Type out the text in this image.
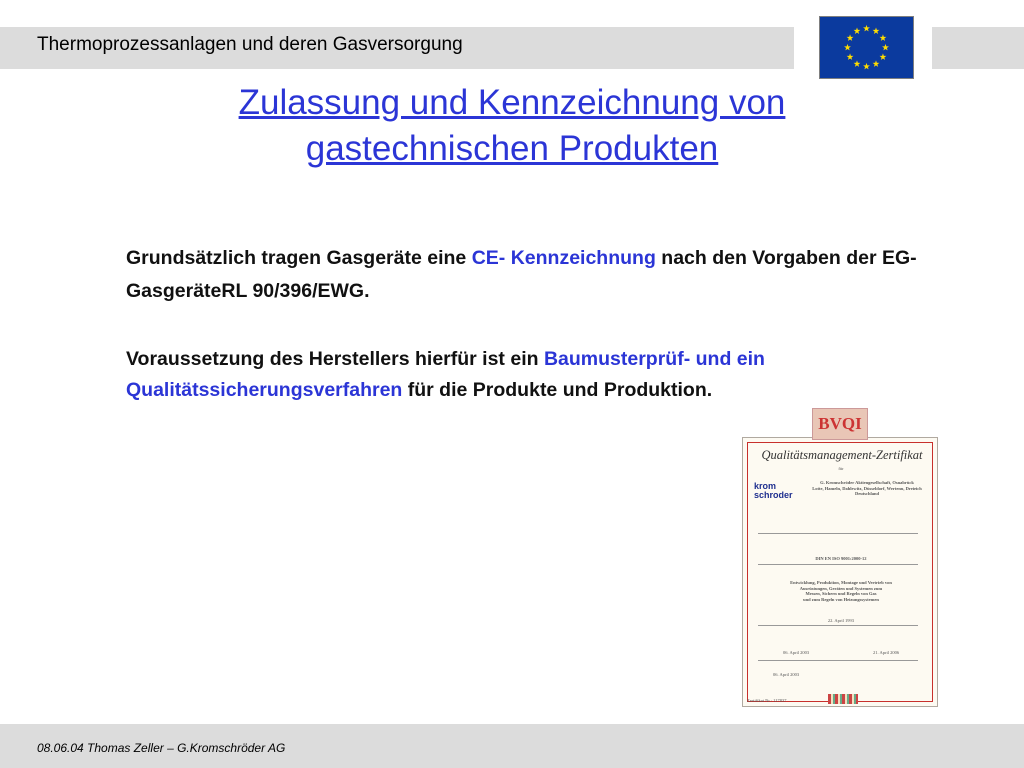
Thermoprozessanlagen und deren Gasversorgung
Zulassung und Kennzeichnung von
gastechnischen Produkten
Grundsätzlich tragen Gasgeräte eine CE- Kennzeichnung nach den Vorgaben der EG- GasgeräteRL 90/396/EWG.
Voraussetzung des Herstellers hierfür ist ein Baumusterprüf- und ein Qualitätssicherungsverfahren für die Produkte und Produktion.
Qualitätsmanagement-Zertifikat
für
G. Kromschröder Aktiengesellschaft, Osnabrück
Lotte, Hameln, Dahlewitz, Düsseldorf, Wertenu, Dreieich
Deutschland
DIN EN ISO 9001:2000-12
Entwicklung, Produktion, Montage und Vertrieb von
Ausrüstungen, Geräten und Systemen zum
Messen, Sichern und Regeln von Gas
und zum Regeln von Heizungssystemen
22. April 1993
06. April 2003	21. April 2006
06. April 2003
Zertifikat Nr.: 117837
BVQI
krom
schroder
08.06.04 Thomas Zeller – G.Kromschröder AG
